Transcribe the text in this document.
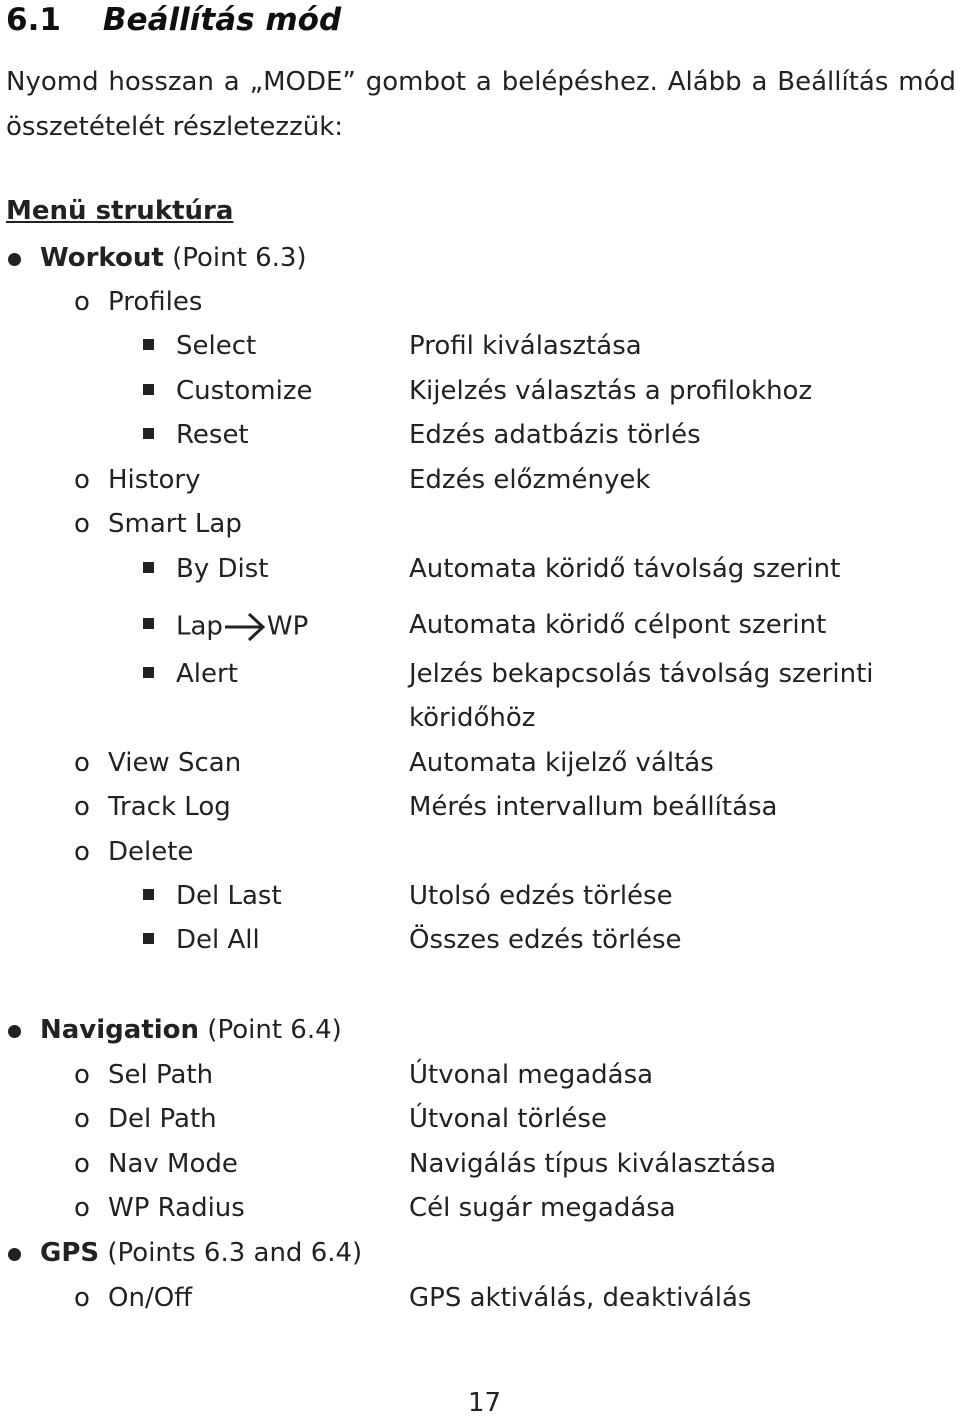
6.1 Beállítás mód
Nyomd hosszan a „MODE” gombot a belépéshez. Alább a Beállítás mód összetételét részletezzük:
Menü struktúra
Workout (Point 6.3)
o Profiles
Select	Profil kiválasztása
Customize	Kijelzés választás a profilokhoz
Reset	Edzés adatbázis törlés
o History	Edzés előzmények
o Smart Lap
By Dist	Automata köridő távolság szerint
Lap WP	Automata köridő célpont szerint
Alert	Jelzés bekapcsolás távolság szerinti
köridőhöz
o View Scan	Automata kijelző váltás
o Track Log	Mérés intervallum beállítása
o Delete
Del Last	Utolsó edzés törlése
Del All	Összes edzés törlése
Navigation (Point 6.4)
o Sel Path	Útvonal megadása
o Del Path	Útvonal törlése
o Nav Mode	Navigálás típus kiválasztása
o WP Radius	Cél sugár megadása
GPS (Points 6.3 and 6.4)
o On/Off	GPS aktiválás, deaktiválás
17
